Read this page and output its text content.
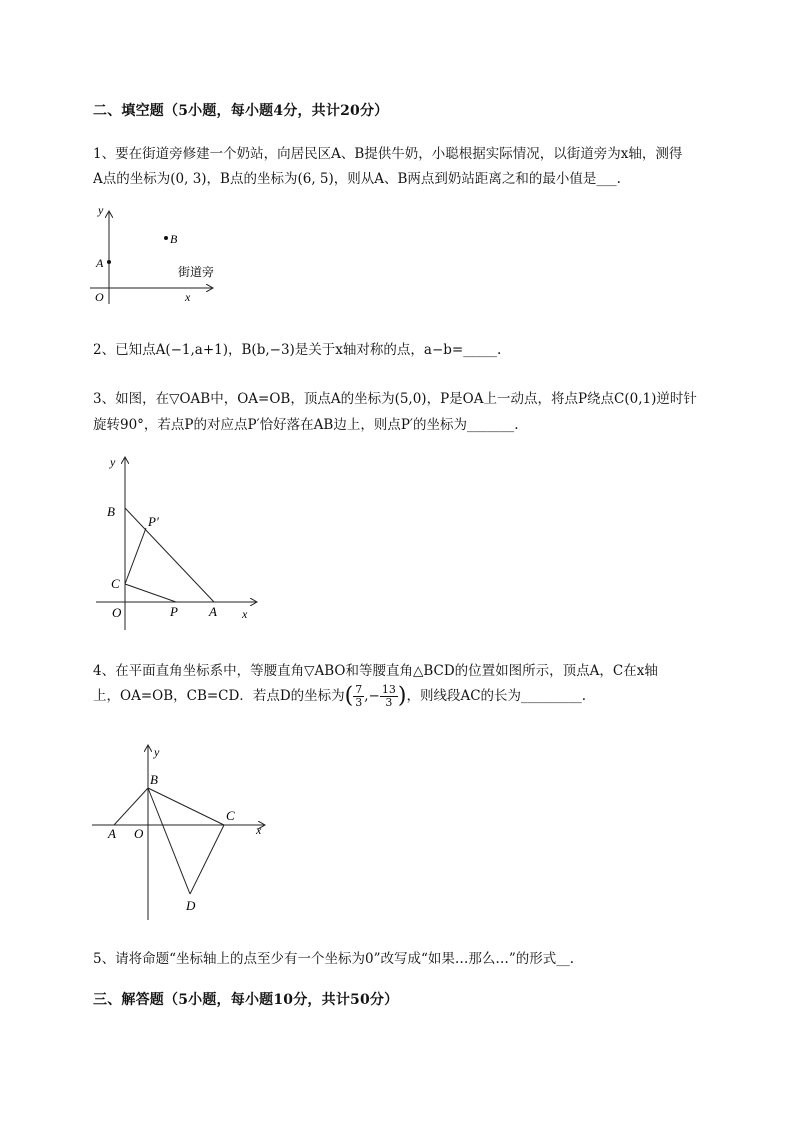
二、填空题（5小题，每小题4分，共计20分）
1、要在街道旁修建一个奶站，向居民区A、B提供牛奶，小聪根据实际情况，以街道旁为x轴，测得
A点的坐标为(0, 3)，B点的坐标为(6, 5)，则从A、B两点到奶站距离之和的最小值是___.
y
x
O
A
B
街道旁
2、已知点A(−1,a+1)，B(b,−3)是关于x轴对称的点，a−b=_____.
3、如图，在▽OAB中，OA=OB，顶点A的坐标为(5,0)，P是OA上一动点，将点P绕点C(0,1)逆时针
旋转90°，若点P的对应点P′恰好落在AB边上，则点P′的坐标为_______.
y
x
O	A
P
B
C
P′
4、在平面直角坐标系中，等腰直角▽ABO和等腰直角△BCD的位置如图所示，顶点A，C在x轴
上，OA=OB，CB=CD．若点D的坐标为( $\frac{7}{3}$ ,− $\frac{13}{3}$ )，则线段AC的长为_________.
y
x
O
A
B
C
D
5、请将命题“坐标轴上的点至少有一个坐标为0”改写成“如果…那么…”的形式__.
三、解答题（5小题，每小题10分，共计50分）
